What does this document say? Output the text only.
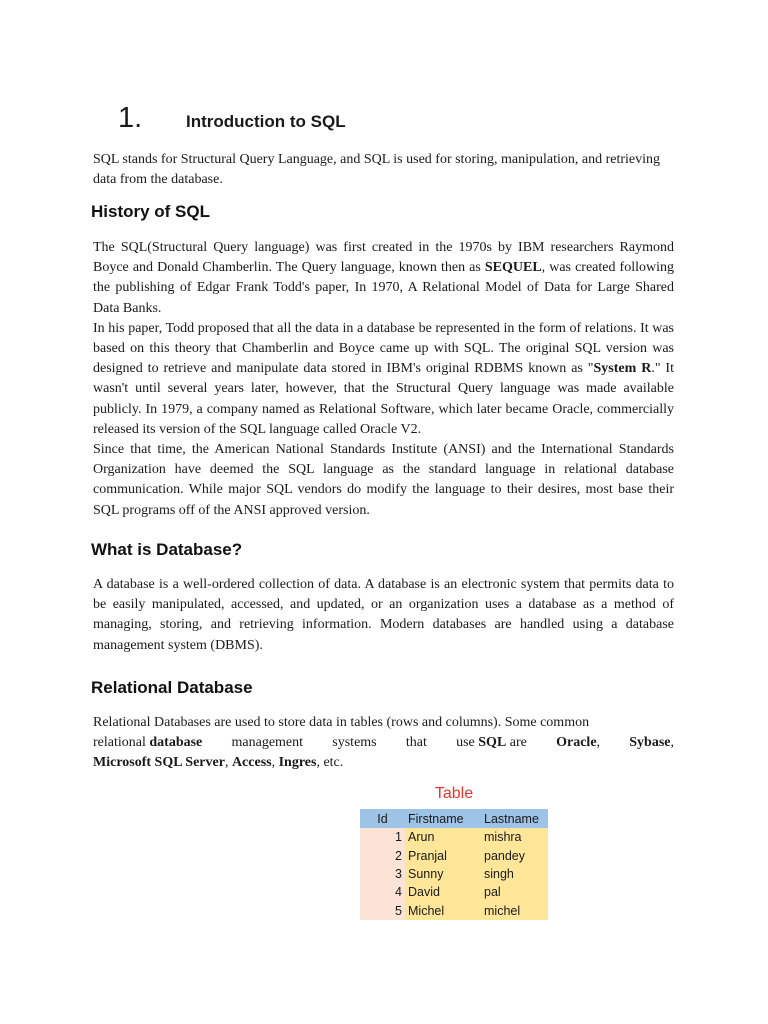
1.	Introduction to SQL

SQL stands for Structural Query Language, and SQL is used for storing, manipulation, and retrieving data from the database.

History of SQL
The SQL(Structural Query language) was first created in the 1970s by IBM researchers Raymond Boyce and Donald Chamberlin. The Query language, known then as SEQUEL, was created following the publishing of Edgar Frank Todd's paper, In 1970, A Relational Model of Data for Large Shared Data Banks.
In his paper, Todd proposed that all the data in a database be represented in the form of relations. It was based on this theory that Chamberlin and Boyce came up with SQL. The original SQL version was designed to retrieve and manipulate data stored in IBM's original RDBMS known as "System R." It wasn't until several years later, however, that the Structural Query language was made available publicly. In 1979, a company named as Relational Software, which later became Oracle, commercially released its version of the SQL language called Oracle V2.
Since that time, the American National Standards Institute (ANSI) and the International Standards Organization have deemed the SQL language as the standard language in relational database communication. While major SQL vendors do modify the language to their desires, most base their SQL programs off of the ANSI approved version.
What is Database?

A database is a well-ordered collection of data. A database is an electronic system that permits data to be easily manipulated, accessed, and updated, or an organization uses a database as a method of managing, storing, and retrieving information. Modern databases are handled using a database management system (DBMS).

Relational Database
Relational Databases are used to store data in tables (rows and columns). Some common
relational database management systems that use SQL are Oracle, Sybase,
Microsoft SQL Server, Access, Ingres, etc.
Table
Id	Firstname	Lastname
1	Arun	mishra
2	Pranjal	pandey
3	Sunny	singh
4	David	pal
5	Michel	michel
